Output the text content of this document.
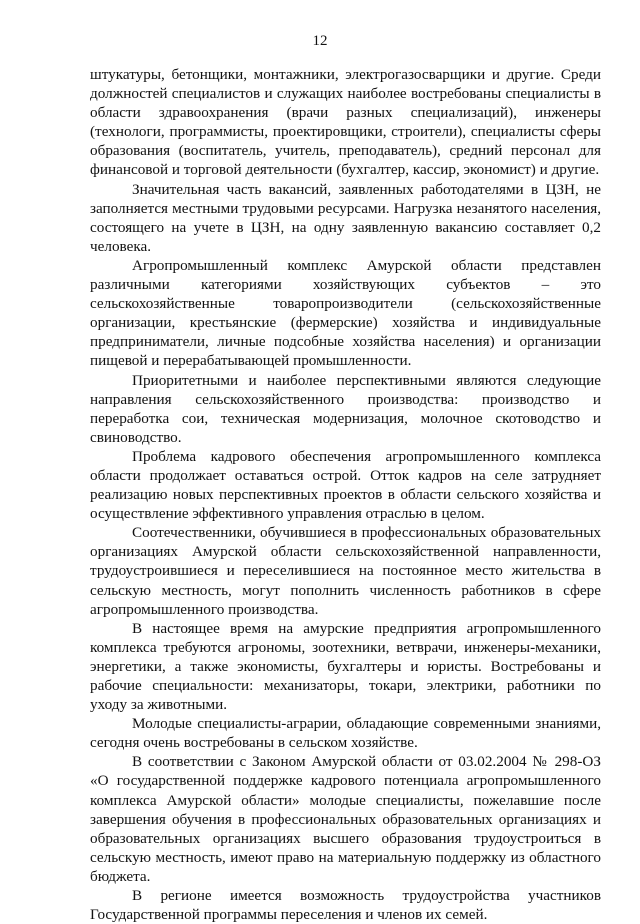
12

штукатуры, бетонщики, монтажники, электрогазосварщики и другие. Среди должностей специалистов и служащих наиболее востребованы специалисты в области здравоохранения (врачи разных специализаций), инженеры (технологи, программисты, проектировщики, строители), специалисты сферы образования (воспитатель, учитель, преподаватель), средний персонал для финансовой и торговой деятельности (бухгалтер, кассир, экономист) и другие.

Значительная часть вакансий, заявленных работодателями в ЦЗН, не заполняется местными трудовыми ресурсами. Нагрузка незанятого населения, состоящего на учете в ЦЗН, на одну заявленную вакансию составляет 0,2 человека.

Агропромышленный комплекс Амурской области представлен различными категориями хозяйствующих субъектов – это сельскохозяйственные товаропроизводители (сельскохозяйственные организации, крестьянские (фермерские) хозяйства и индивидуальные предприниматели, личные подсобные хозяйства населения) и организации пищевой и перерабатывающей промышленности.

Приоритетными и наиболее перспективными являются следующие направления сельскохозяйственного производства: производство и переработка сои, техническая модернизация, молочное скотоводство и свиноводство.

Проблема кадрового обеспечения агропромышленного комплекса области продолжает оставаться острой. Отток кадров на селе затрудняет реализацию новых перспективных проектов в области сельского хозяйства и осуществление эффективного управления отраслью в целом.

Соотечественники, обучившиеся в профессиональных образовательных организациях Амурской области сельскохозяйственной направленности, трудоустроившиеся и переселившиеся на постоянное место жительства в сельскую местность, могут пополнить численность работников в сфере агропромышленного производства.

В настоящее время на амурские предприятия агропромышленного комплекса требуются агрономы, зоотехники, ветврачи, инженеры-механики, энергетики, а также экономисты, бухгалтеры и юристы. Востребованы и рабочие специальности: механизаторы, токари, электрики, работники по уходу за животными.

Молодые специалисты-аграрии, обладающие современными знаниями, сегодня очень востребованы в сельском хозяйстве.

В соответствии с Законом Амурской области от 03.02.2004 № 298-ОЗ «О государственной поддержке кадрового потенциала агропромышленного комплекса Амурской области» молодые специалисты, пожелавшие после завершения обучения в профессиональных образовательных организациях и образовательных организациях высшего образования трудоустроиться в сельскую местность, имеют право на материальную поддержку из областного бюджета.

В регионе имеется возможность трудоустройства участников Государственной программы переселения и членов их семей.
